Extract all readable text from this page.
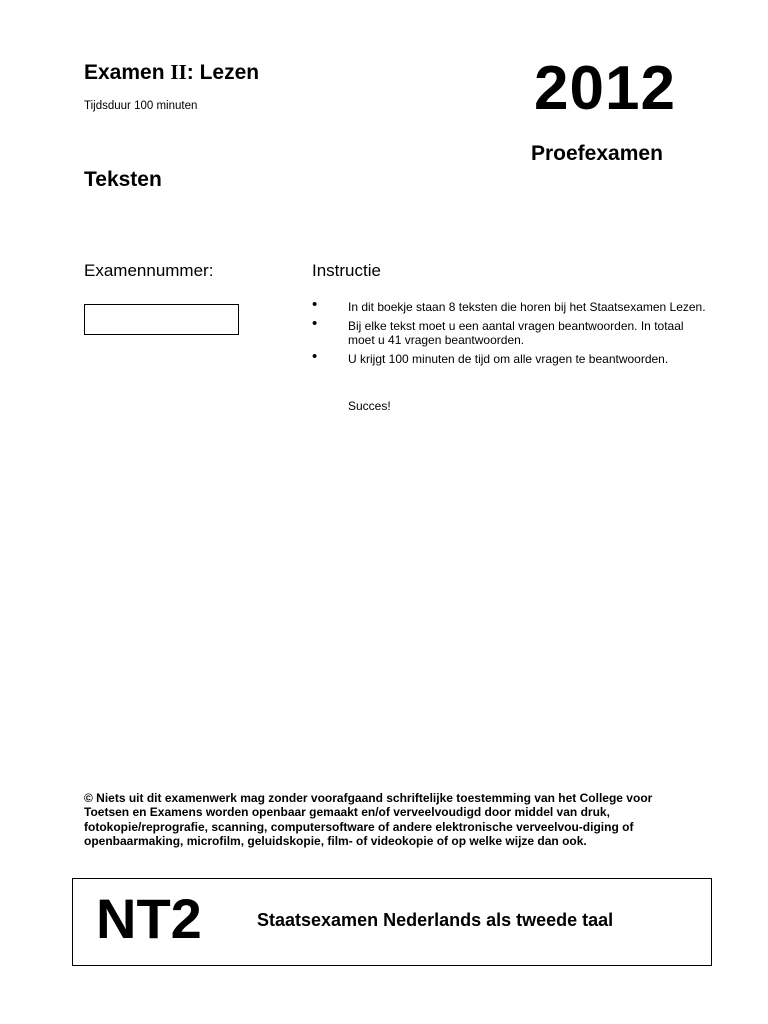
Examen II: Lezen
Tijdsduur 100 minuten	2012
Proefexamen
Teksten
Examennummer:	Instructie
•	In dit boekje staan 8 teksten die horen bij het Staatsexamen Lezen.
•	Bij elke tekst moet u een aantal vragen beantwoorden. In totaal moet u 41 vragen beantwoorden.
•	U krijgt 100 minuten de tijd om alle vragen te beantwoorden.
Succes!
© Niets uit dit examenwerk mag zonder voorafgaand schriftelijke toestemming van het College voor Toetsen en Examens worden openbaar gemaakt en/of verveelvoudigd door middel van druk, fotokopie/reprografie, scanning, computersoftware of andere elektronische verveelvou-diging of openbaarmaking, microfilm, geluidskopie, film- of videokopie of op welke wijze dan ook.
NT2	Staatsexamen Nederlands als tweede taal
